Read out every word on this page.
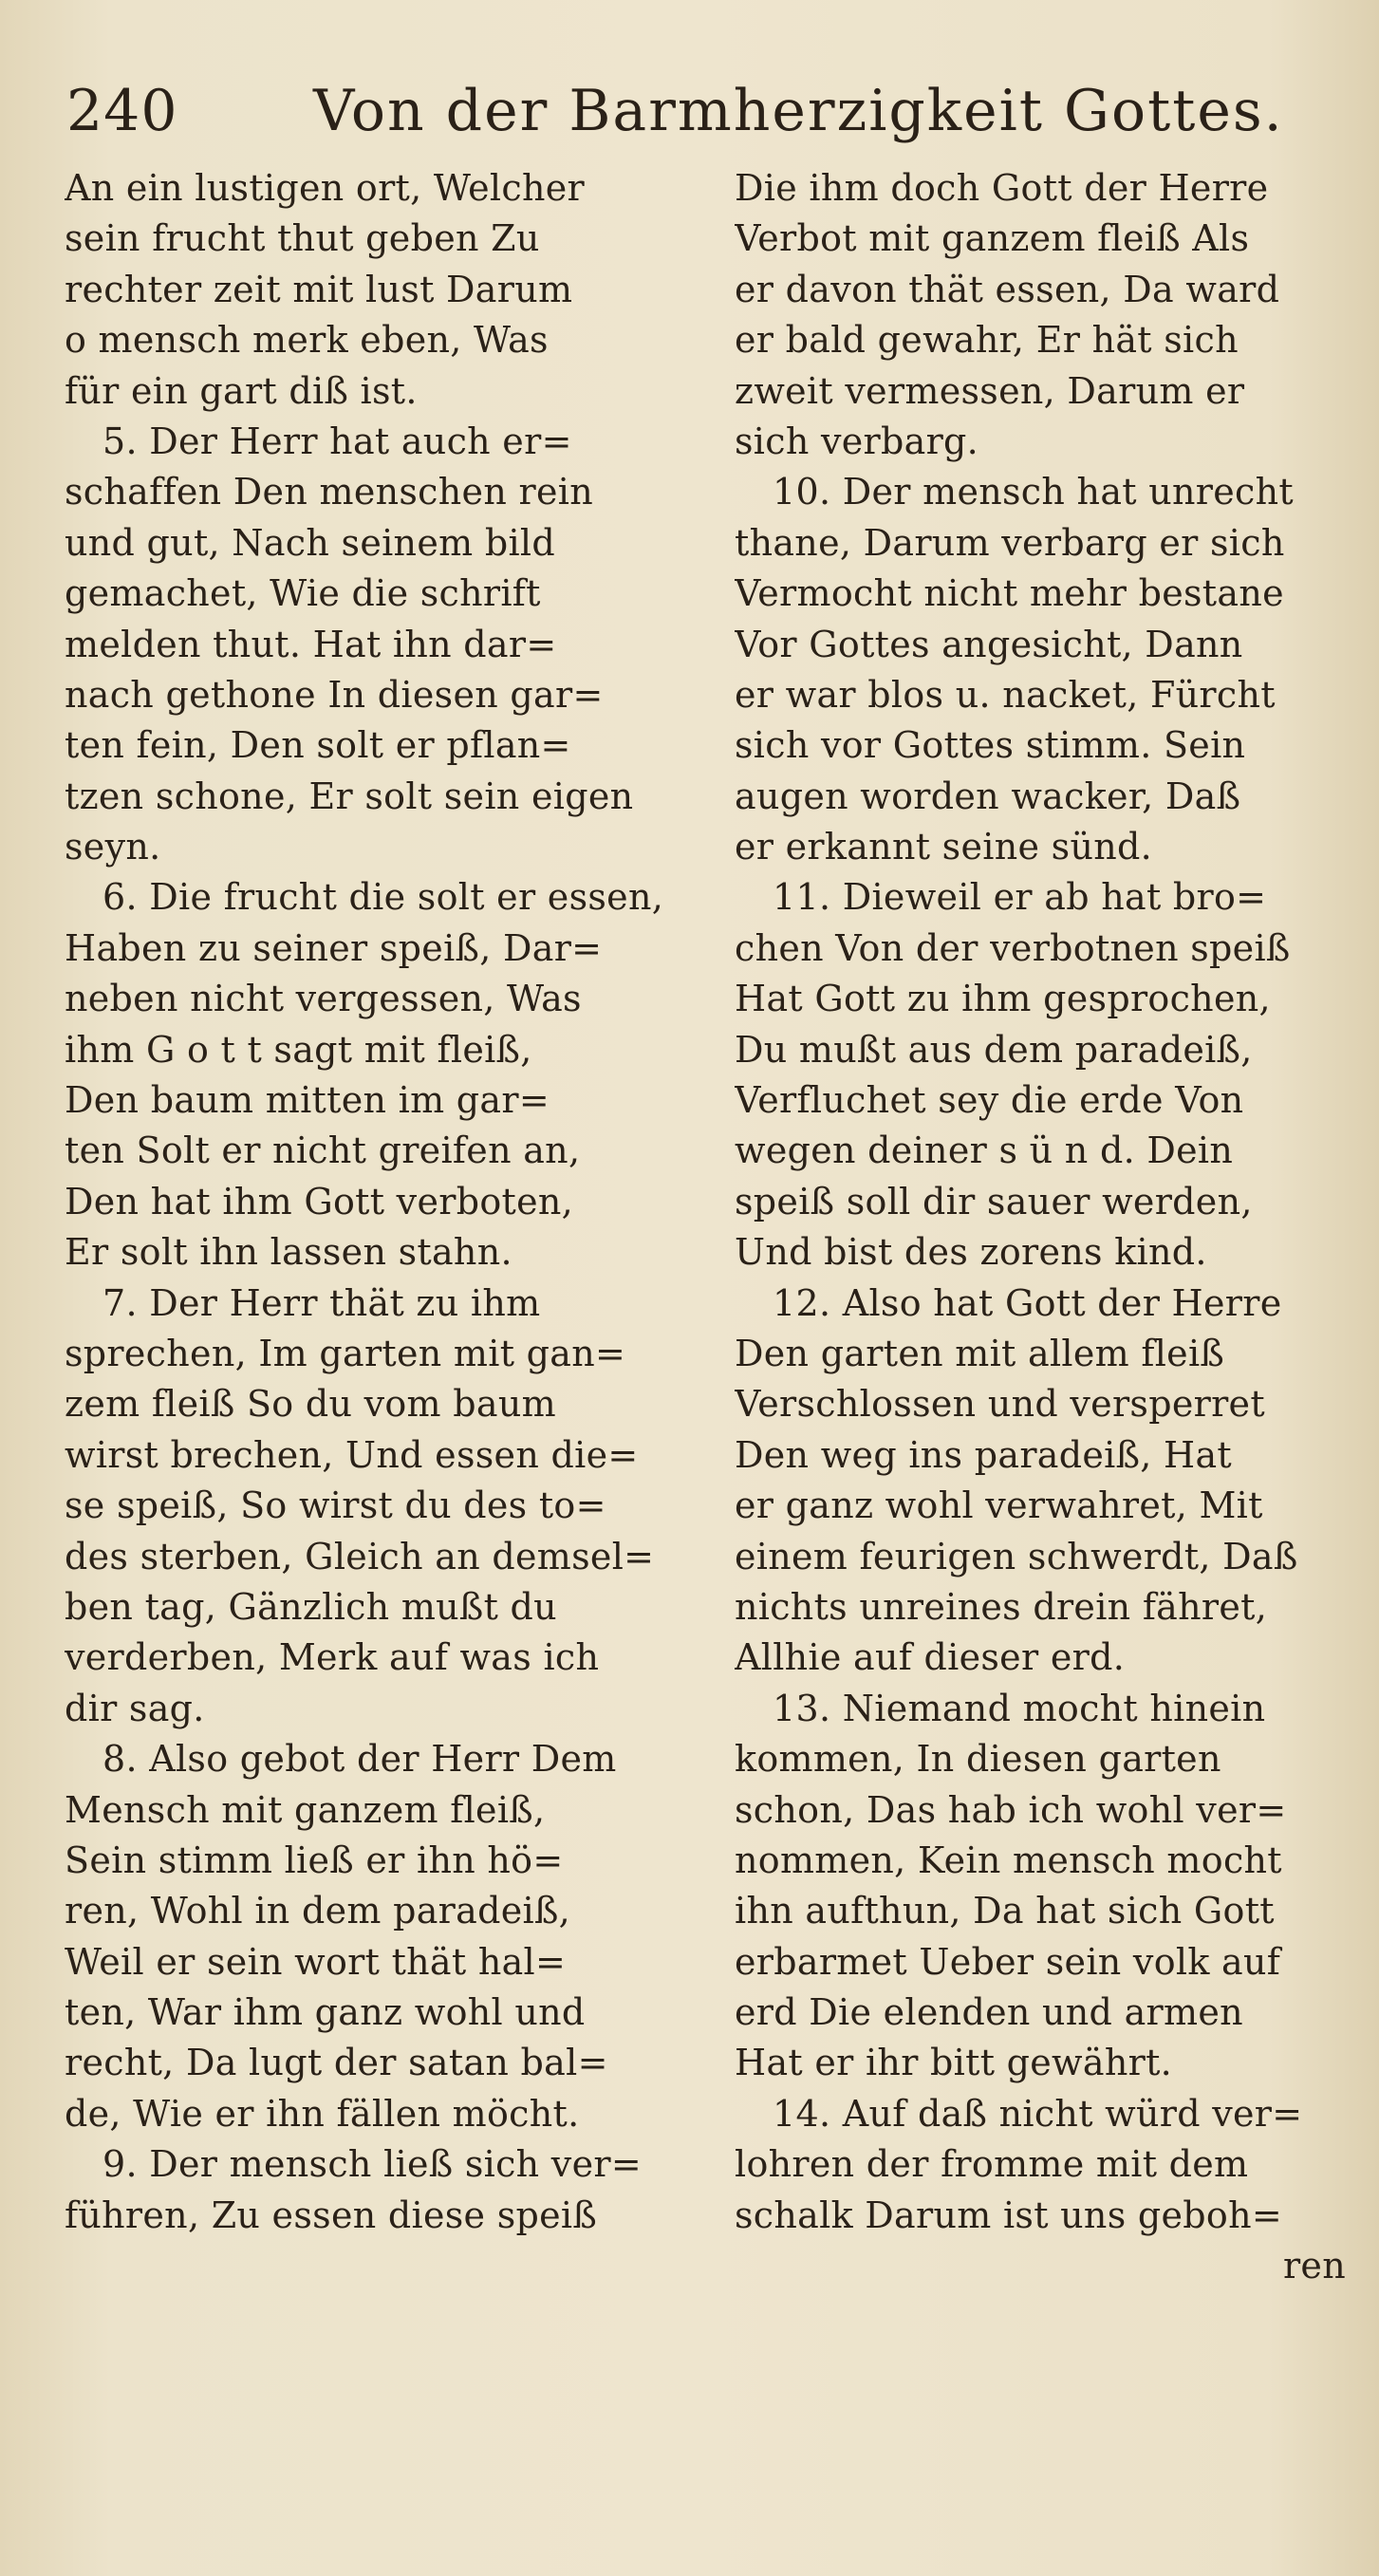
240 Von der Barmherzigkeit Gottes.
An ein lustigen ort, Welcher
sein frucht thut geben Zu
rechter zeit mit lust Darum
o mensch merk eben, Was
für ein gart diß ist.
5. Der Herr hat auch er=
schaffen Den menschen rein
und gut, Nach seinem bild
gemachet, Wie die schrift
melden thut. Hat ihn dar=
nach gethone In diesen gar=
ten fein, Den solt er pflan=
tzen schone, Er solt sein eigen
seyn.
6. Die frucht die solt er essen,
Haben zu seiner speiß, Dar=
neben nicht vergessen, Was
ihm G o t t sagt mit fleiß,
Den baum mitten im gar=
ten Solt er nicht greifen an,
Den hat ihm Gott verboten,
Er solt ihn lassen stahn.
7. Der Herr thät zu ihm
sprechen, Im garten mit gan=
zem fleiß So du vom baum
wirst brechen, Und essen die=
se speiß, So wirst du des to=
des sterben, Gleich an demsel=
ben tag, Gänzlich mußt du
verderben, Merk auf was ich
dir sag.
8. Also gebot der Herr Dem
Mensch mit ganzem fleiß,
Sein stimm ließ er ihn hö=
ren, Wohl in dem paradeiß,
Weil er sein wort thät hal=
ten, War ihm ganz wohl und
recht, Da lugt der satan bal=
de, Wie er ihn fällen möcht.
9. Der mensch ließ sich ver=
führen, Zu essen diese speiß
Die ihm doch Gott der Herre
Verbot mit ganzem fleiß Als
er davon thät essen, Da ward
er bald gewahr, Er hät sich
zweit vermessen, Darum er
sich verbarg.
10. Der mensch hat unrecht
thane, Darum verbarg er sich
Vermocht nicht mehr bestane
Vor Gottes angesicht, Dann
er war blos u. nacket, Fürcht
sich vor Gottes stimm. Sein
augen worden wacker, Daß
er erkannt seine sünd.
11. Dieweil er ab hat bro=
chen Von der verbotnen speiß
Hat Gott zu ihm gesprochen,
Du mußt aus dem paradeiß,
Verfluchet sey die erde Von
wegen deiner s ü n d. Dein
speiß soll dir sauer werden,
Und bist des zorens kind.
12. Also hat Gott der Herre
Den garten mit allem fleiß
Verschlossen und versperret
Den weg ins paradeiß, Hat
er ganz wohl verwahret, Mit
einem feurigen schwerdt, Daß
nichts unreines drein fähret,
Allhie auf dieser erd.
13. Niemand mocht hinein
kommen, In diesen garten
schon, Das hab ich wohl ver=
nommen, Kein mensch mocht
ihn aufthun, Da hat sich Gott
erbarmet Ueber sein volk auf
erd Die elenden und armen
Hat er ihr bitt gewährt.
14. Auf daß nicht würd ver=
lohren der fromme mit dem
schalk Darum ist uns geboh=
ren
